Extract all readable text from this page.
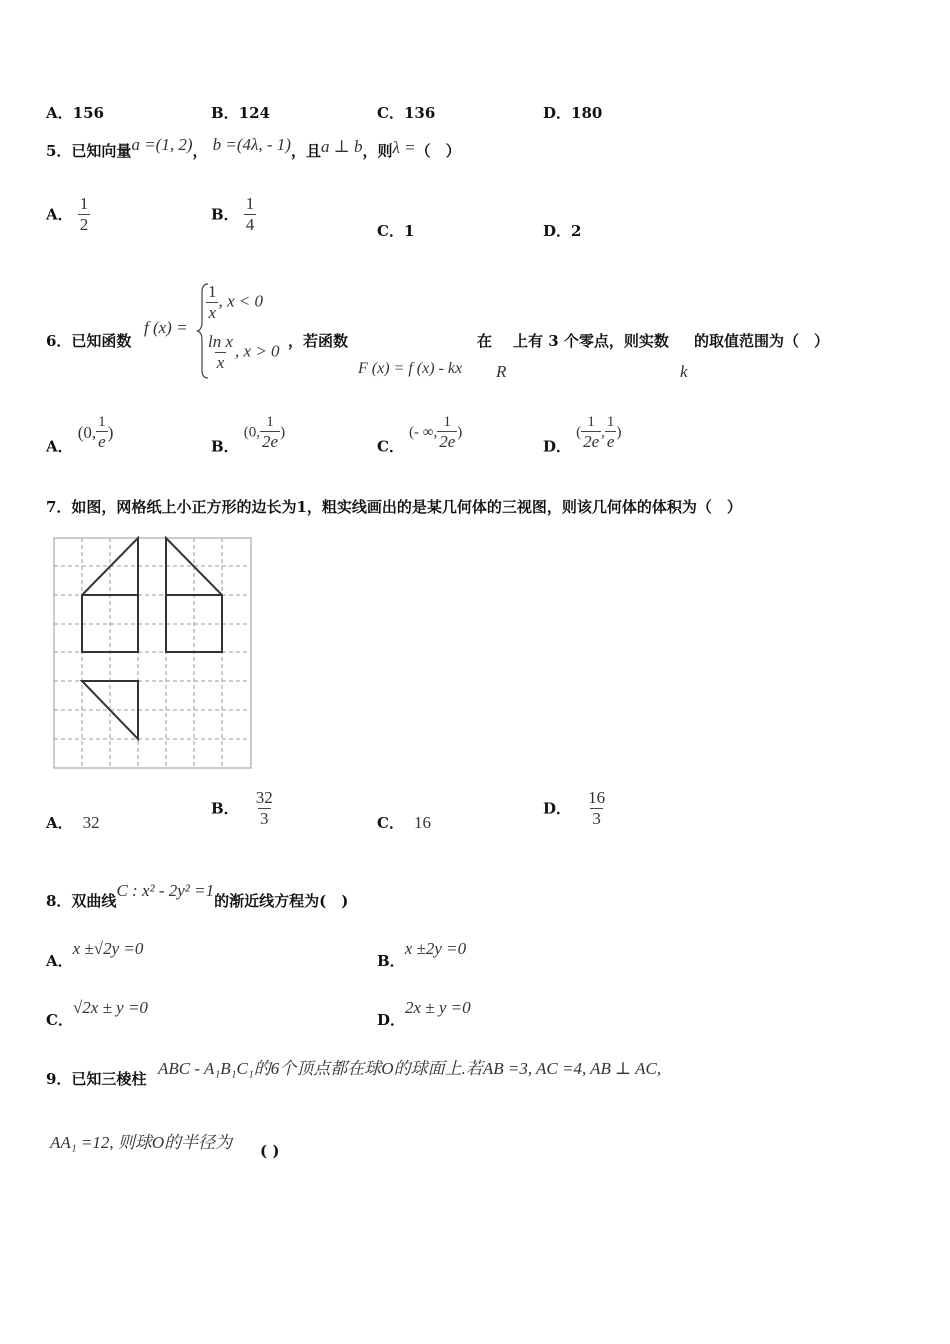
A．156	B．124	C．136	D．180
5．已知向量a =(1, 2)， b =(4λ, - 1)，且a ⊥ b，则λ =（　）
A． $\frac{1}{2}$	B． $\frac{1}{4}$	C．1	D．2
6．已知函数
f (x) =
$\frac{1}{x}$ , x < 0
$\frac{\text{ln x}}{x}$ , x > 0
，若函数
F (x) = f (x) - kx
在
R
上有 3 个零点，则实数
k
的取值范围为（　）
A． (0, $\frac{1}{e}$ )
B． (0, $\frac{1}{2e}$ )
C． (- ∞, $\frac{1}{2e}$ )
D． ( $\frac{1}{2e}$ , $\frac{1}{e}$ )
7．如图，网格纸上小正方形的边长为1，粗实线画出的是某几何体的三视图，则该几何体的体积为（　）
A． 32
B． $\frac{32}{3}$	C． 16
D． $\frac{16}{3}$
8．双曲线C : x² - 2y² =1的渐近线方程为(　)
A．x ±√2y =0
B．x ±2y =0
C．√2x ± y =0
D．2x ± y =0
9．已知三棱柱
ABC - A₁B₁C₁的6个顶点都在球O的球面上.若AB =3, AC =4, AB ⊥ AC,
AA₁ =12, 则球O的半径为 ( )
